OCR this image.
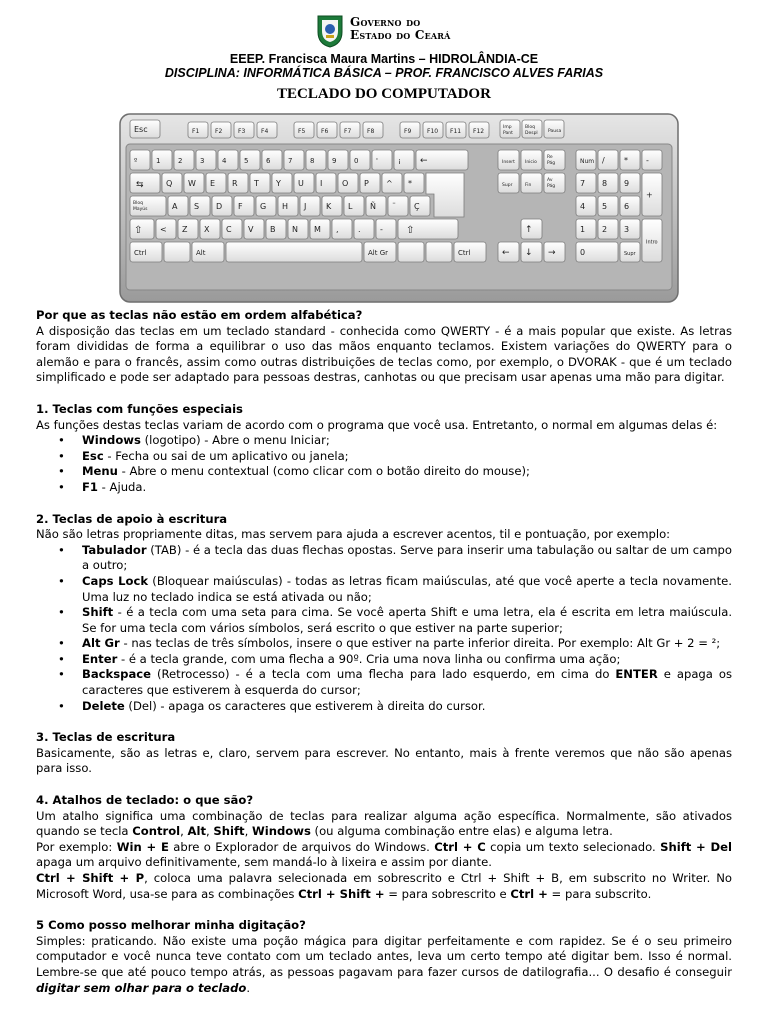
Governo do
Estado do Ceará
EEEP. Francisca Maura Martins – HIDROLÂNDIA-CE
DISCIPLINA: INFORMÁTICA BÁSICA – PROF. FRANCISCO ALVES FARIAS
TECLADO DO COMPUTADOR
Esc	F1	F2	F3	F4	F5	F6	F7	F8	F9	F10 F11 F12
Imp
Pant
Bloq
Despl Pausa
º	1	2	3	4	5	6	7	8	9	0	'	¡ ←
⇆	Q W E R T Y U I O P ^ *
Bloq
Mayús	A S D F G H J K L Ñ ¨ Ç
⇧ < Z X C V B N M , . - ⇧
Ctrl	Alt	Alt Gr	Ctrl
Insert Inicio
Re
Pág
Supr	Fin
Av
Pág
↑
← ↓ →
Num / * -
7 8 9
4 5 6
1 2 3
+
0	Supr
Intro
Por que as teclas não estão em ordem alfabética?

A disposição das teclas em um teclado standard - conhecida como QWERTY - é a mais popular que existe. As letras foram divididas de forma a equilibrar o uso das mãos enquanto teclamos. Existem variações do QWERTY para o alemão e para o francês, assim como outras distribuições de teclas como, por exemplo, o DVORAK - que é um teclado simplificado e pode ser adaptado para pessoas destras, canhotas ou que precisam usar apenas uma mão para digitar.

1. Teclas com funções especiais

As funções destas teclas variam de acordo com o programa que você usa. Entretanto, o normal em algumas delas é:

• Windows (logotipo) - Abre o menu Iniciar;
• Esc - Fecha ou sai de um aplicativo ou janela;
• Menu - Abre o menu contextual (como clicar com o botão direito do mouse);
• F1 - Ajuda.
2. Teclas de apoio à escritura

Não são letras propriamente ditas, mas servem para ajuda a escrever acentos, til e pontuação, por exemplo:

• Tabulador (TAB) - é a tecla das duas flechas opostas. Serve para inserir uma tabulação ou saltar de um campo a outro;
• Caps Lock (Bloquear maiúsculas) - todas as letras ficam maiúsculas, até que você aperte a tecla novamente. Uma luz no teclado indica se está ativada ou não;
• Shift - é a tecla com uma seta para cima. Se você aperta Shift e uma letra, ela é escrita em letra maiúscula. Se for uma tecla com vários símbolos, será escrito o que estiver na parte superior;
• Alt Gr - nas teclas de três símbolos, insere o que estiver na parte inferior direita. Por exemplo: Alt Gr + 2 = ²;
• Enter - é a tecla grande, com uma flecha a 90º. Cria uma nova linha ou confirma uma ação;
• Backspace (Retrocesso) - é a tecla com uma flecha para lado esquerdo, em cima do ENTER e apaga os caracteres que estiverem à esquerda do cursor;
• Delete (Del) - apaga os caracteres que estiverem à direita do cursor.
3. Teclas de escritura

Basicamente, são as letras e, claro, servem para escrever. No entanto, mais à frente veremos que não são apenas para isso.

4. Atalhos de teclado: o que são?

Um atalho significa uma combinação de teclas para realizar alguma ação específica. Normalmente, são ativados quando se tecla Control, Alt, Shift, Windows (ou alguma combinação entre elas) e alguma letra.

Por exemplo: Win + E abre o Explorador de arquivos do Windows. Ctrl + C copia um texto selecionado. Shift + Del apaga um arquivo definitivamente, sem mandá-lo à lixeira e assim por diante.

Ctrl + Shift + P, coloca uma palavra selecionada em sobrescrito e Ctrl + Shift + B, em subscrito no Writer. No Microsoft Word, usa-se para as combinações Ctrl + Shift + = para sobrescrito e Ctrl + = para subscrito.

5 Como posso melhorar minha digitação?

Simples: praticando. Não existe uma poção mágica para digitar perfeitamente e com rapidez. Se é o seu primeiro computador e você nunca teve contato com um teclado antes, leva um certo tempo até digitar bem. Isso é normal. Lembre-se que até pouco tempo atrás, as pessoas pagavam para fazer cursos de datilografia... O desafio é conseguir digitar sem olhar para o teclado.
